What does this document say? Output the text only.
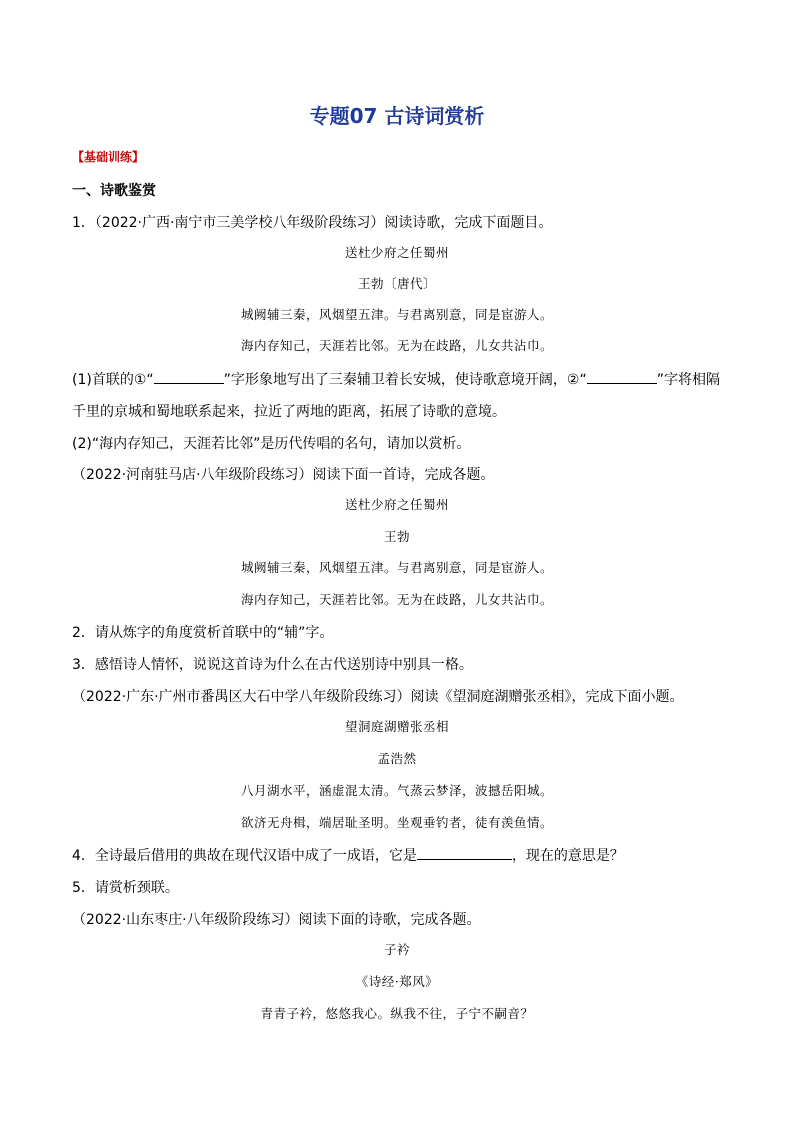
专题07 古诗词赏析
【基础训练】
一、诗歌鉴赏
1．（2022·广西·南宁市三美学校八年级阶段练习）阅读诗歌，完成下面题目。
送杜少府之任蜀州
王勃〔唐代〕
城阙辅三秦，风烟望五津。与君离别意，同是宦游人。
海内存知己，天涯若比邻。无为在歧路，儿女共沾巾。
(1)首联的①“	”字形象地写出了三秦辅卫着长安城，使诗歌意境开阔，②“	”字将相隔
千里的京城和蜀地联系起来，拉近了两地的距离，拓展了诗歌的意境。
(2)“海内存知己，天涯若比邻”是历代传唱的名句，请加以赏析。
（2022·河南驻马店·八年级阶段练习）阅读下面一首诗，完成各题。
送杜少府之任蜀州
王勃
城阙辅三秦，风烟望五津。与君离别意，同是宦游人。
海内存知己，天涯若比邻。无为在歧路，儿女共沾巾。
2．请从炼字的角度赏析首联中的“辅”字。
3．感悟诗人情怀，说说这首诗为什么在古代送别诗中别具一格。
（2022·广东·广州市番禺区大石中学八年级阶段练习）阅读《望洞庭湖赠张丞相》，完成下面小题。
望洞庭湖赠张丞相
孟浩然
八月湖水平，涵虚混太清。气蒸云梦泽，波撼岳阳城。
欲济无舟楫，端居耻圣明。坐观垂钓者，徒有羡鱼情。
4．全诗最后借用的典故在现代汉语中成了一成语，它是	，现在的意思是？
5．请赏析颈联。
（2022·山东枣庄·八年级阶段练习）阅读下面的诗歌，完成各题。
子衿
《诗经·郑风》
青青子衿，悠悠我心。纵我不往，子宁不嗣音？
